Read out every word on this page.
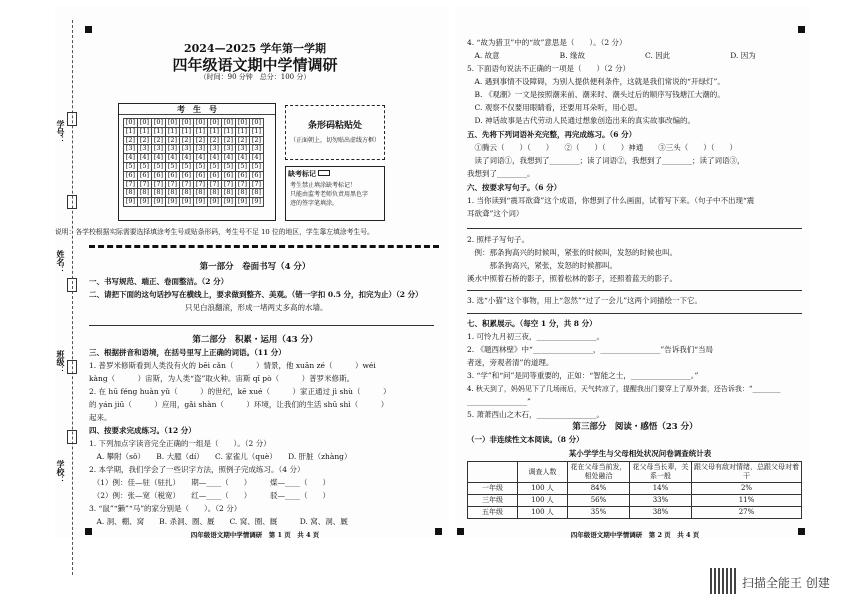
2024—2025 学年第一学期
四年级语文期中学情调研
（时间：90 分钟　总分：100 分）
考　生　号
[0]	[0]	[0]	[0]	[0]	[0]	[0]	[0]	[0]	[0]
[1]	[1]	[1]	[1]	[1]	[1]	[1]	[1]	[1]	[1]
[2]	[2]	[2]	[2]	[2]	[2]	[2]	[2]	[2]	[2]
[3]	[3]	[3]	[3]	[3]	[3]	[3]	[3]	[3]	[3]
[4]	[4]	[4]	[4]	[4]	[4]	[4]	[4]	[4]	[4]
[5]	[5]	[5]	[5]	[5]	[5]	[5]	[5]	[5]	[5]
[6]	[6]	[6]	[6]	[6]	[6]	[6]	[6]	[6]	[6]
[7]	[7]	[7]	[7]	[7]	[7]	[7]	[7]	[7]	[7]
[8]	[8]	[8]	[8]	[8]	[8]	[8]	[8]	[8]	[8]
[9]	[9]	[9]	[9]	[9]	[9]	[9]	[9]	[9]	[9]
条形码粘贴处
（正面朝上，切勿贴出虚线方框）
缺考标记
考生禁止填涂缺考标记！
只能由监考老师负责用黑色字
迹的签字笔填涂。
说明：各学校根据实际需要选择填涂考生号或贴条形码，考生号不足 10 位的地区，学生靠左填涂考生号。
第一部分　卷面书写（4 分）
一、书写规范、端正、卷面整洁。（2 分）
二、请把下面的这句话抄写在横线上，要求做到整齐、美观。（错一字扣 0.5 分，扣完为止）（2 分）
只见白浪翻滚，形成一堵两丈多高的水墙。
第二部分　积累・运用（43 分）
三、根据拼音和语境，在括号里写上正确的词语。（11 分）
1. 普罗米修斯看到人类没有火的 bēi cǎn（　　　）情景，他 xuān zé（　　　）wéi
kàng（　　　）宙斯，为人类“盗”取火种。宙斯 qǐ pò（　　　）普罗米修斯。
2. 在 hū féng huàn yǔ（　　　）的世纪，kē xué（　　　）家正通过 jì shù（　　　）
的 yán jiū（　　　）应用，gǎi shàn（　　　）环境，让我们的生活 shū shì（　　　）
起来。
四、按要求完成练习。（12 分）
1. 下列加点字读音完全正确的一组是（　　）。（2 分）
　A. 攀附（sǒ）　　B. 大臆（dí）　　C. 家雀儿（què）　　D. 肝脏（zhàng）
2. 本学期，我们学会了一些识字方法，照例子完成练习。（4 分）
　（1）例：佳—驻（驻扎）　　期—____（　　）　　　煤—____（　　）
　（2）例：张—宽（税宽）　　红—____（　　）　　　驳—____（　　）
3. “鼠”“獭”“马”的家分别是（　　）。（2 分）
　A. 洞、棚、窝　　B. 杀洞、圈、厩　　C. 窝、圈、厩　　　D. 窝、洞、厩
四年级语文期中学情调研　第 1 页　共 4 页
学号：
姓名：
班级：
学校：
4. “故为猎卫”中的“故”意思是（　　）。（2 分）
　A. 故意　　　　　　　　B. 缘故　　　　　　　　C. 因此　　　　　　　　D. 因为
5. 下面语句说法不正确的一项是（　　）（2 分）
　A. 遇到事情不设障碍，为别人提供便利条件，这就是我们常说的“开绿灯”。
　B. 《观潮》一文是按照潮来前、潮来时、潮头过后的顺序写钱塘江大潮的。
　C. 观察不仅要用眼睛看，还要用耳朵听，用心思。
　D. 神话故事是古代劳动人民通过想象创造出来的真实故事改编的。
五、先将下列词语补充完整，再完成练习。（6 分）
　①腾云（　　）（　　）　　②（　　）（　　）神通　　③三头（　　）（　　）
　读了词语①，我想到了________；读了词语②，我想到了________；读了词语③，
我想到了________。
六、按要求写句子。（6 分）
1. 当你读到“震耳欲聋”这个成语，你想到了什么画面，试着写下来。（句子中不出现“震
耳欲聋”这个词）
2. 照样子写句子。
　例：那条狗高兴的时候叫，紧张的时候叫，发怒的时候也叫。
　　　那条狗高兴，紧张，发怒的时候都叫。
溪水中照着石桥的影子，照着松林的影子，还照着蓝天的影子。
3. 选“小猫”这个事物，用上“忽然”“过了一会儿”这两个词描绘一下它。
七、积累展示。（每空 1 分，共 8 分）
1. 可怜九月初三夜，________________。
2. 《题西林壁》中“________________，________________”告诉我们“当局
者迷，旁观者清”的道理。
3. “学”和“问”是同等重要的，正如：“智能之士，________________。”
4. 秋天到了，妈妈见下了几场雨后，天气转凉了，提醒我出门要穿上了厚外套，还告诉我：“________
________________”
5. 萧萧西山之木石，________________。
第三部分　阅读・感悟（23 分）
（一）非连续性文本阅读。（8 分）
某小学学生与父母相处状况问卷调查统计表
	调查人数	花在父母当前发，相处融洽	花父母当长辈，关系一般	跟父母有敌对情绪，总跟父母对着干
一年级	100 人	84%	14%	2%
三年级	100 人	56%	33%	11%
五年级	100 人	35%	38%	27%
四年级语文期中学情调研　第 2 页　共 4 页
扫描全能王 创建
